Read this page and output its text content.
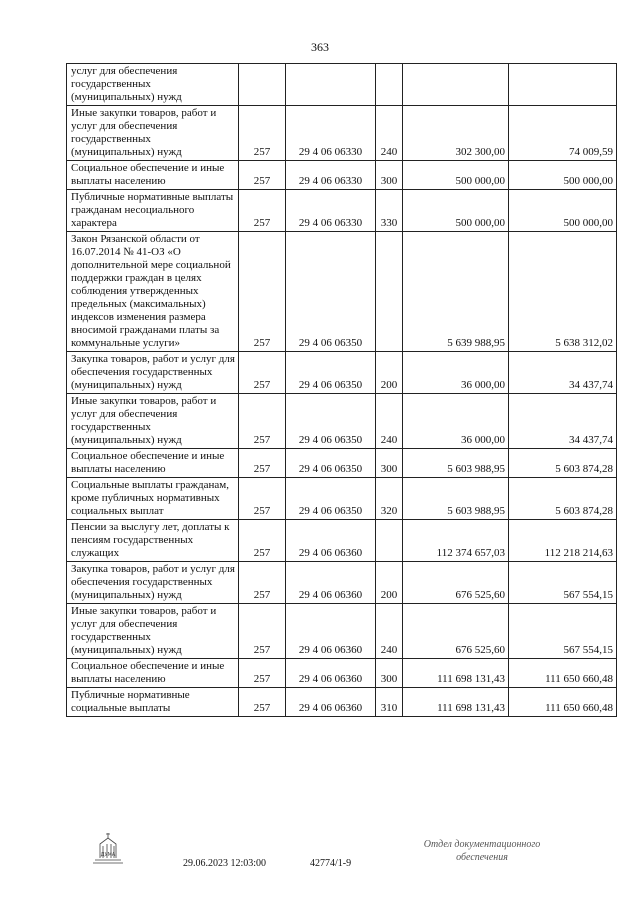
363
услуг для обеспечения государственных (муниципальных) нужд					
Иные закупки товаров, работ и услуг для обеспечения государственных (муниципальных) нужд	257	29 4 06 06330	240	302 300,00	74 009,59
Социальное обеспечение и иные выплаты населению	257	29 4 06 06330	300	500 000,00	500 000,00
Публичные нормативные выплаты гражданам несоциального характера	257	29 4 06 06330	330	500 000,00	500 000,00
Закон Рязанской области от 16.07.2014 № 41-ОЗ «О дополнительной мере социальной поддержки граждан в целях соблюдения утвержденных предельных (максимальных) индексов изменения размера вносимой гражданами платы за коммунальные услуги»	257	29 4 06 06350		5 639 988,95	5 638 312,02
Закупка товаров, работ и услуг для обеспечения государственных (муниципальных) нужд	257	29 4 06 06350	200	36 000,00	34 437,74
Иные закупки товаров, работ и услуг для обеспечения государственных (муниципальных) нужд	257	29 4 06 06350	240	36 000,00	34 437,74
Социальное обеспечение и иные выплаты населению	257	29 4 06 06350	300	5 603 988,95	5 603 874,28
Социальные выплаты гражданам, кроме публичных нормативных социальных выплат	257	29 4 06 06350	320	5 603 988,95	5 603 874,28
Пенсии за выслугу лет, доплаты к пенсиям государственных служащих	257	29 4 06 06360		112 374 657,03	112 218 214,63
Закупка товаров, работ и услуг для обеспечения государственных (муниципальных) нужд	257	29 4 06 06360	200	676 525,60	567 554,15
Иные закупки товаров, работ и услуг для обеспечения государственных (муниципальных) нужд	257	29 4 06 06360	240	676 525,60	567 554,15
Социальное обеспечение и иные выплаты населению	257	29 4 06 06360	300	111 698 131,43	111 650 660,48
Публичные нормативные социальные выплаты	257	29 4 06 06360	310	111 698 131,43	111 650 660,48
ДУМА
29.06.2023 12:03:00	42774/1-9
Отдел документационного
обеспечения
